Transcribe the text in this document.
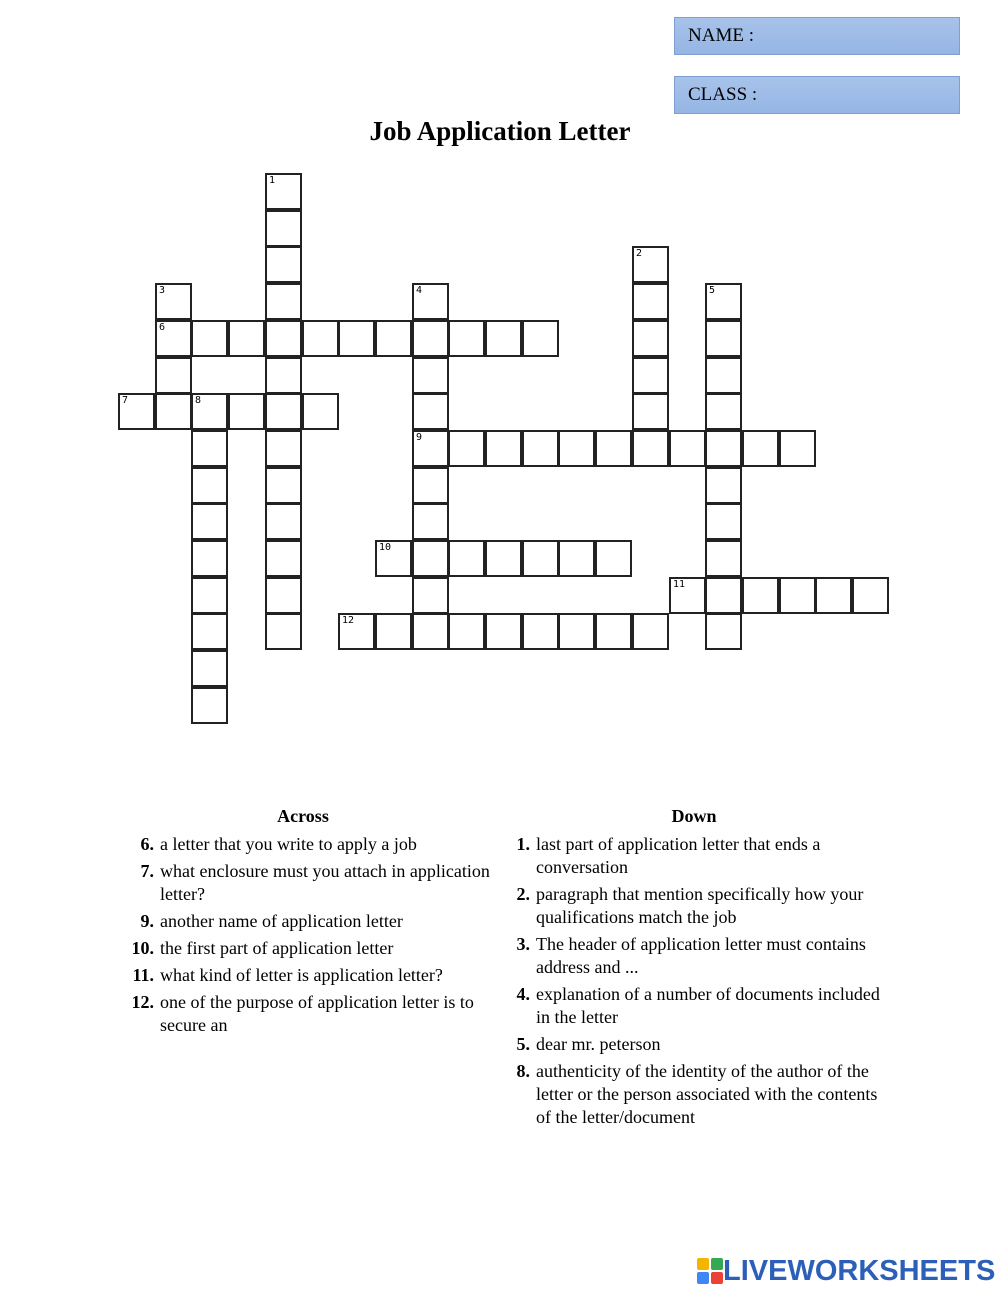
NAME :
CLASS :
Job Application Letter
1
2
3
6
4
9
5
7	8
10
11
12
Across
6. a letter that you write to apply a job
7. what enclosure must you attach in application letter?
9. another name of application letter
10. the first part of application letter
11. what kind of letter is application letter?
12. one of the purpose of application letter is to secure an
Down
1. last part of application letter that ends a conversation
2. paragraph that mention specifically how your qualifications match the job
3. The header of application letter must contains address and ...
4. explanation of a number of documents included in the letter
5. dear mr. peterson
8. authenticity of the identity of the author of the letter or the person associated with the contents of the letter/document
LIVEWORKSHEETS
